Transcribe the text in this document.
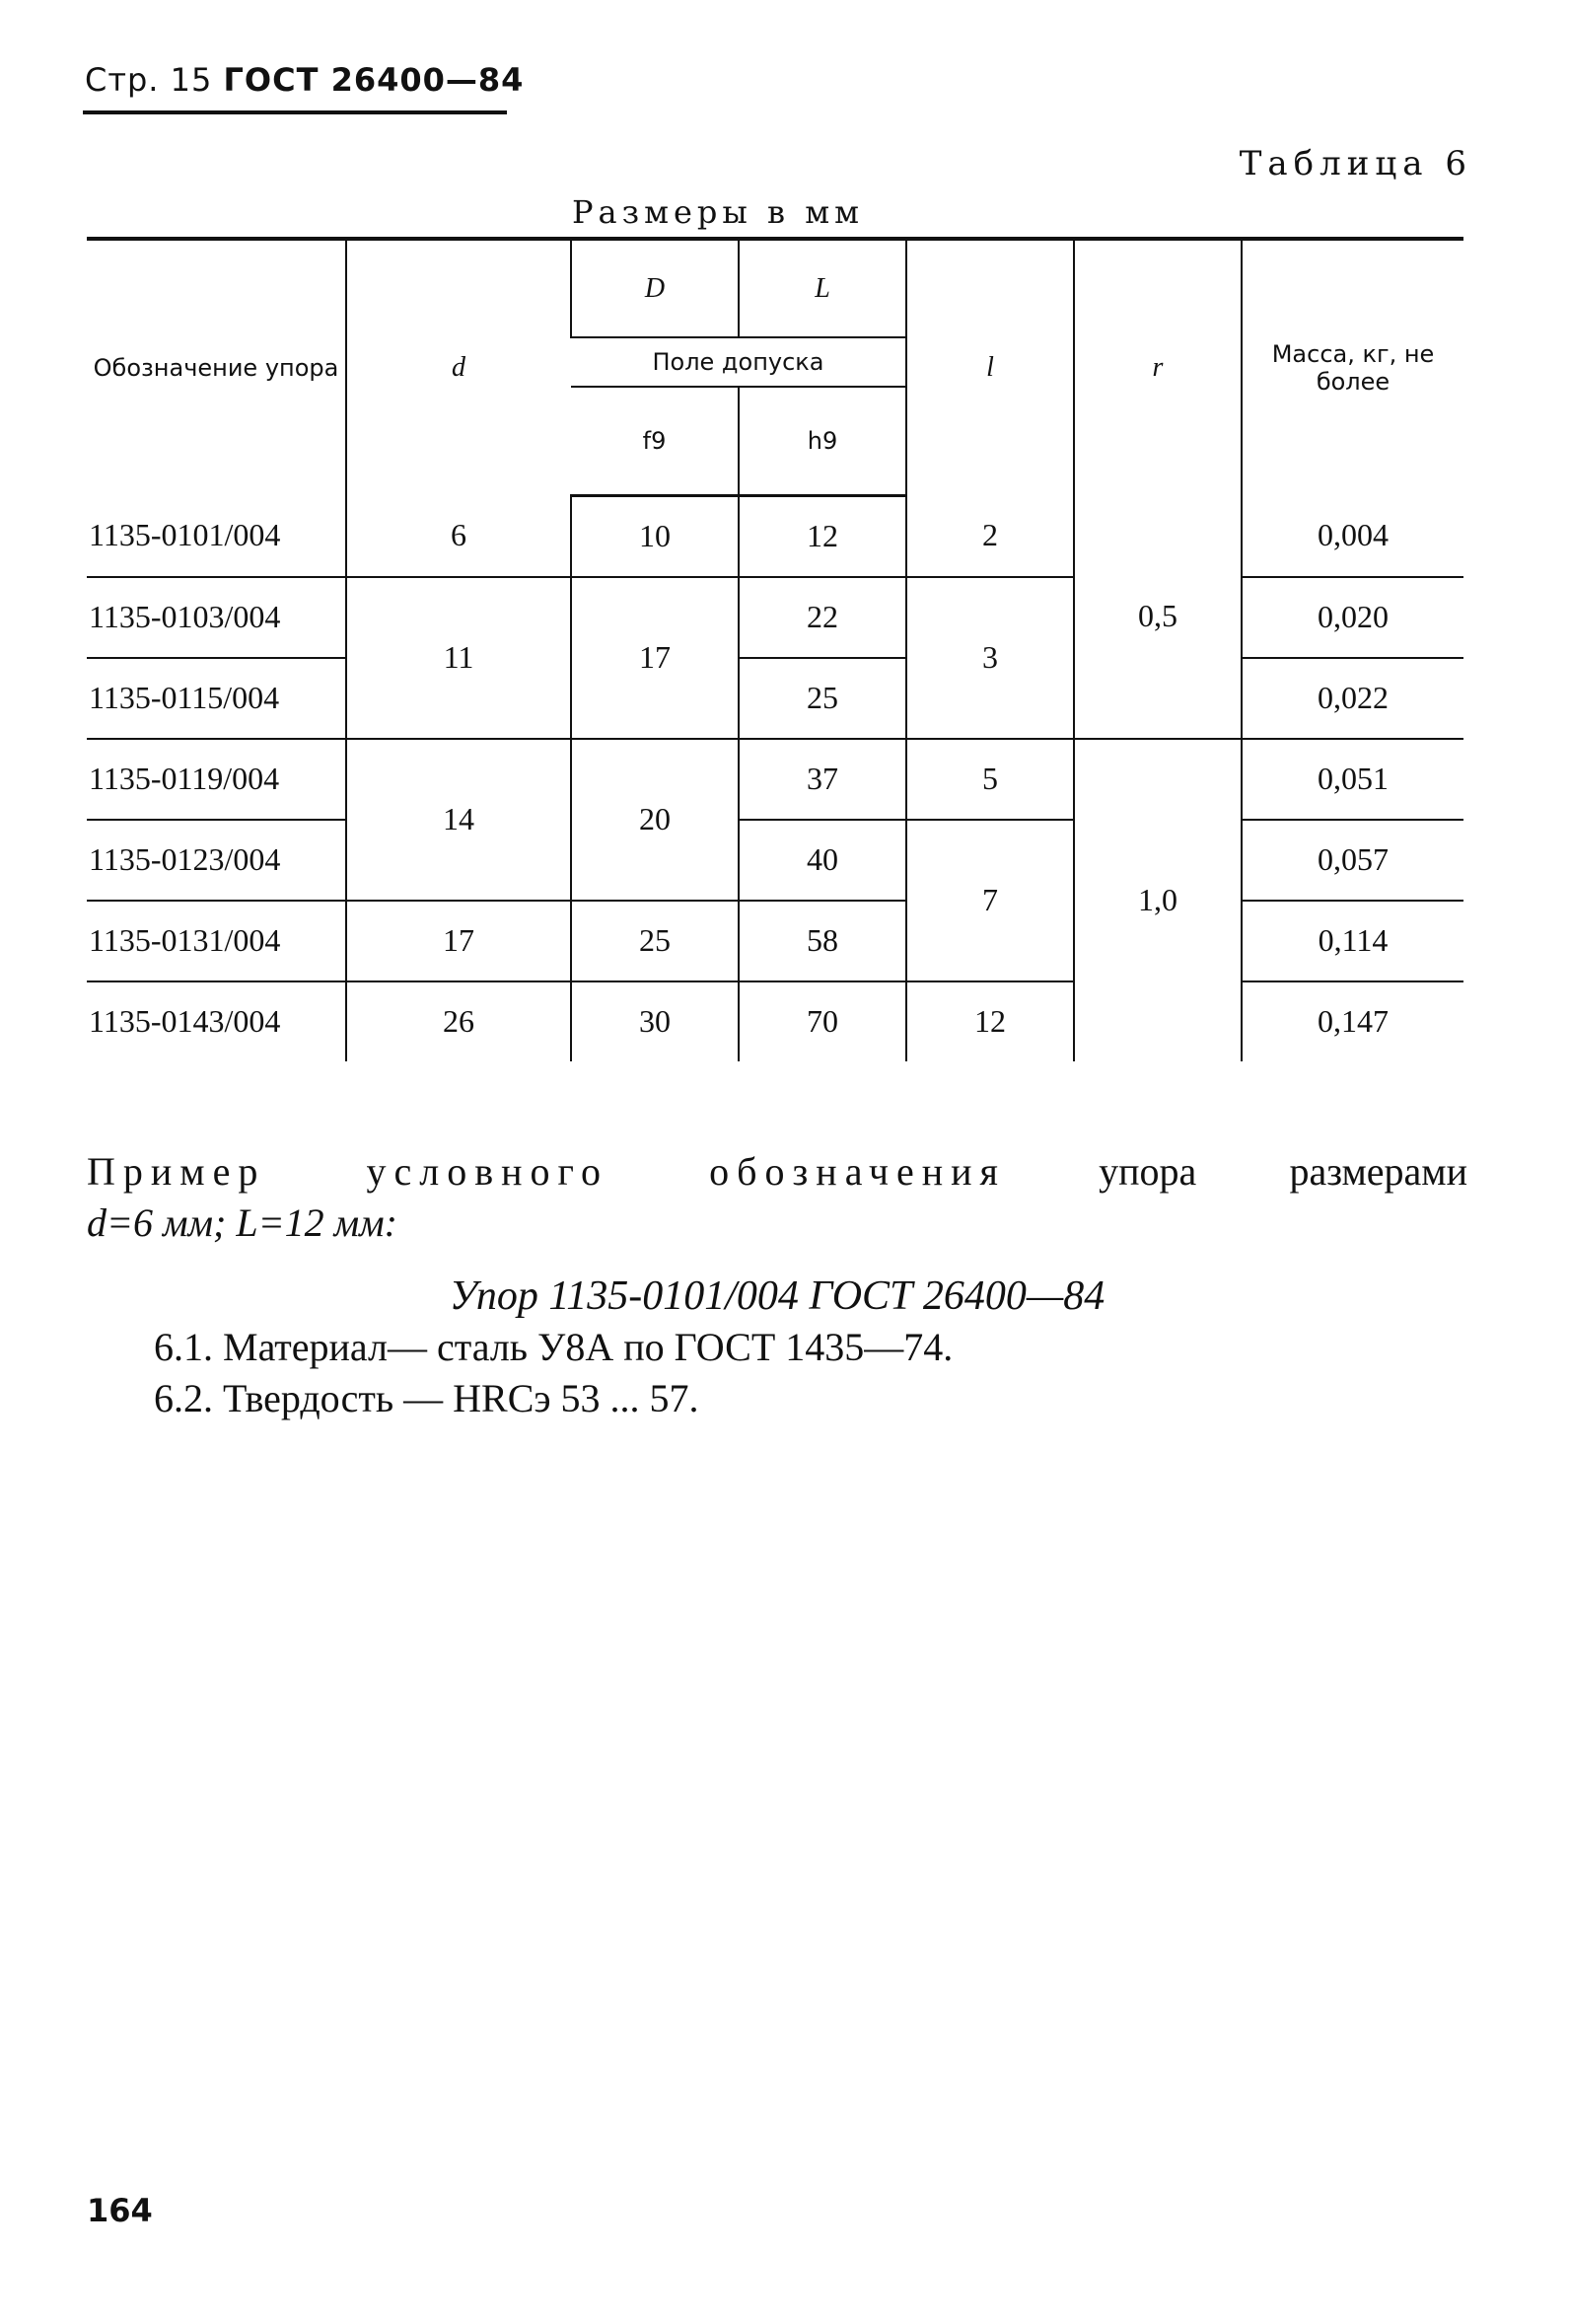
Стр. 15 ГОСТ 26400—84
Таблица 6
Размеры в мм
Обозначение упора	d	D	L	l	r	Масса, кг, не более
		Поле допуска				
		f9	h9			
1135-0101/004	6	10	12	2	0,5	0,004
1135-0103/004	11	17	22	3		0,020
1135-0115/004			25			0,022
1135-0119/004	14	20	37	5	1,0	0,051
1135-0123/004			40	7		0,057
1135-0131/004	17	25	58			0,114
1135-0143/004	26	30	70	12		0,147
Пример условного обозначения упора размерами
d=6 мм; L=12 мм:
Упор 1135-0101/004 ГОСТ 26400—84
6.1. Материал— сталь У8А по ГОСТ 1435—74.
6.2. Твердость — HRCэ 53 ... 57.
164
